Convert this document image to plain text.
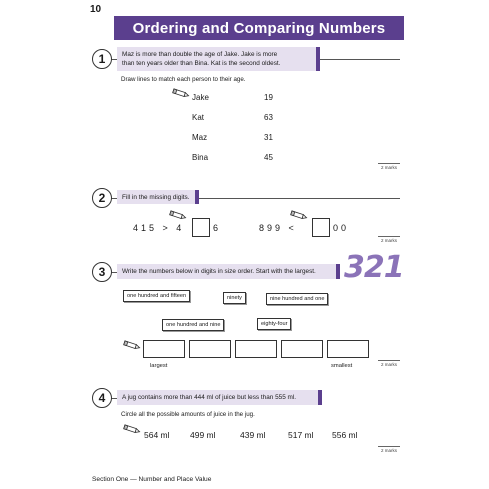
10
Ordering and Comparing Numbers
1	Maz is more than double the age of Jake. Jake is more
than ten years older than Bina. Kat is the second oldest.
Draw lines to match each person to their age.
Jake
Kat
Maz
Bina
19
63
31
45
2 marks
2	Fill in the missing digits.
415 > 4	6	899 <	00
2 marks
3	Write the numbers below in digits in size order. Start with the largest. 321
one hundred and fifteen	ninety	nine hundred and one
one hundred and nine	eighty-four
largest	smallest	2 marks
4	A jug contains more than 444 ml of juice but less than 555 ml.
Circle all the possible amounts of juice in the jug.
564 ml 499 ml	439 ml	517 ml 556 ml
2 marks
Section One — Number and Place Value
